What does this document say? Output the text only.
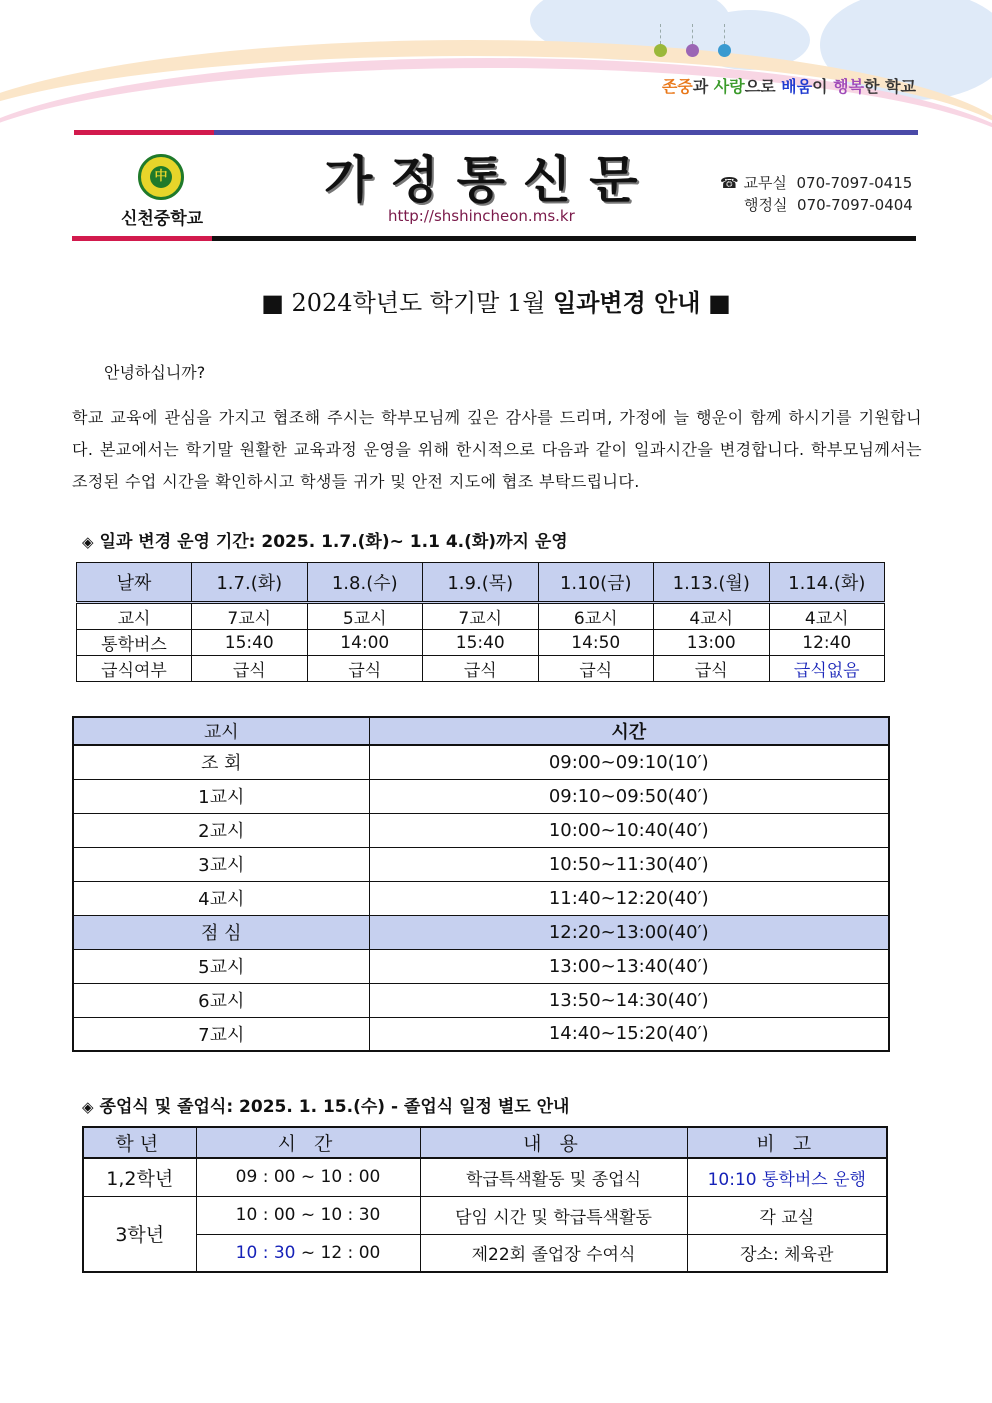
존중과 사랑으로 배움이 행복한 학교
中
신천중학교
가정통신문
http://shshincheon.ms.kr
☎ 교무실 070-7097-0415
행정실 070-7097-0404
■ 2024학년도 학기말 1월 일과변경 안내 ■
안녕하십니까?
학교 교육에 관심을 가지고 협조해 주시는 학부모님께 깊은 감사를 드리며, 가정에 늘 행운이 함께 하시기를 기원합니다. 본교에서는 학기말 원활한 교육과정 운영을 위해 한시적으로 다음과 같이 일과시간을 변경합니다. 학부모님께서는 조정된 수업 시간을 확인하시고 학생들 귀가 및 안전 지도에 협조 부탁드립니다.
◈ 일과 변경 운영 기간: 2025. 1.7.(화)~ 1.1 4.(화)까지 운영
날짜	1.7.(화)	1.8.(수)	1.9.(목)	1.10(금)	1.13.(월)	1.14.(화)
교시	7교시	5교시	7교시	6교시	4교시	4교시
통학버스	15:40	14:00	15:40	14:50	13:00	12:40
급식여부	급식	급식	급식	급식	급식	급식없음
교시	시간
조 회	09:00~09:10(10′)
1교시	09:10~09:50(40′)
2교시	10:00~10:40(40′)
3교시	10:50~11:30(40′)
4교시	11:40~12:20(40′)
점 심	12:20~13:00(40′)
5교시	13:00~13:40(40′)
6교시	13:50~14:30(40′)
7교시	14:40~15:20(40′)
◈ 종업식 및 졸업식: 2025. 1. 15.(수) - 졸업식 일정 별도 안내
학년	시 간	내 용	비 고
1,2학년	09 : 00 ~ 10 : 00	학급특색활동 및 종업식	10:10 통학버스 운행
3학년	10 : 00 ~ 10 : 30	담임 시간 및 학급특색활동	각 교실
	10 : 30 ~ 12 : 00	제22회 졸업장 수여식	장소: 체육관
